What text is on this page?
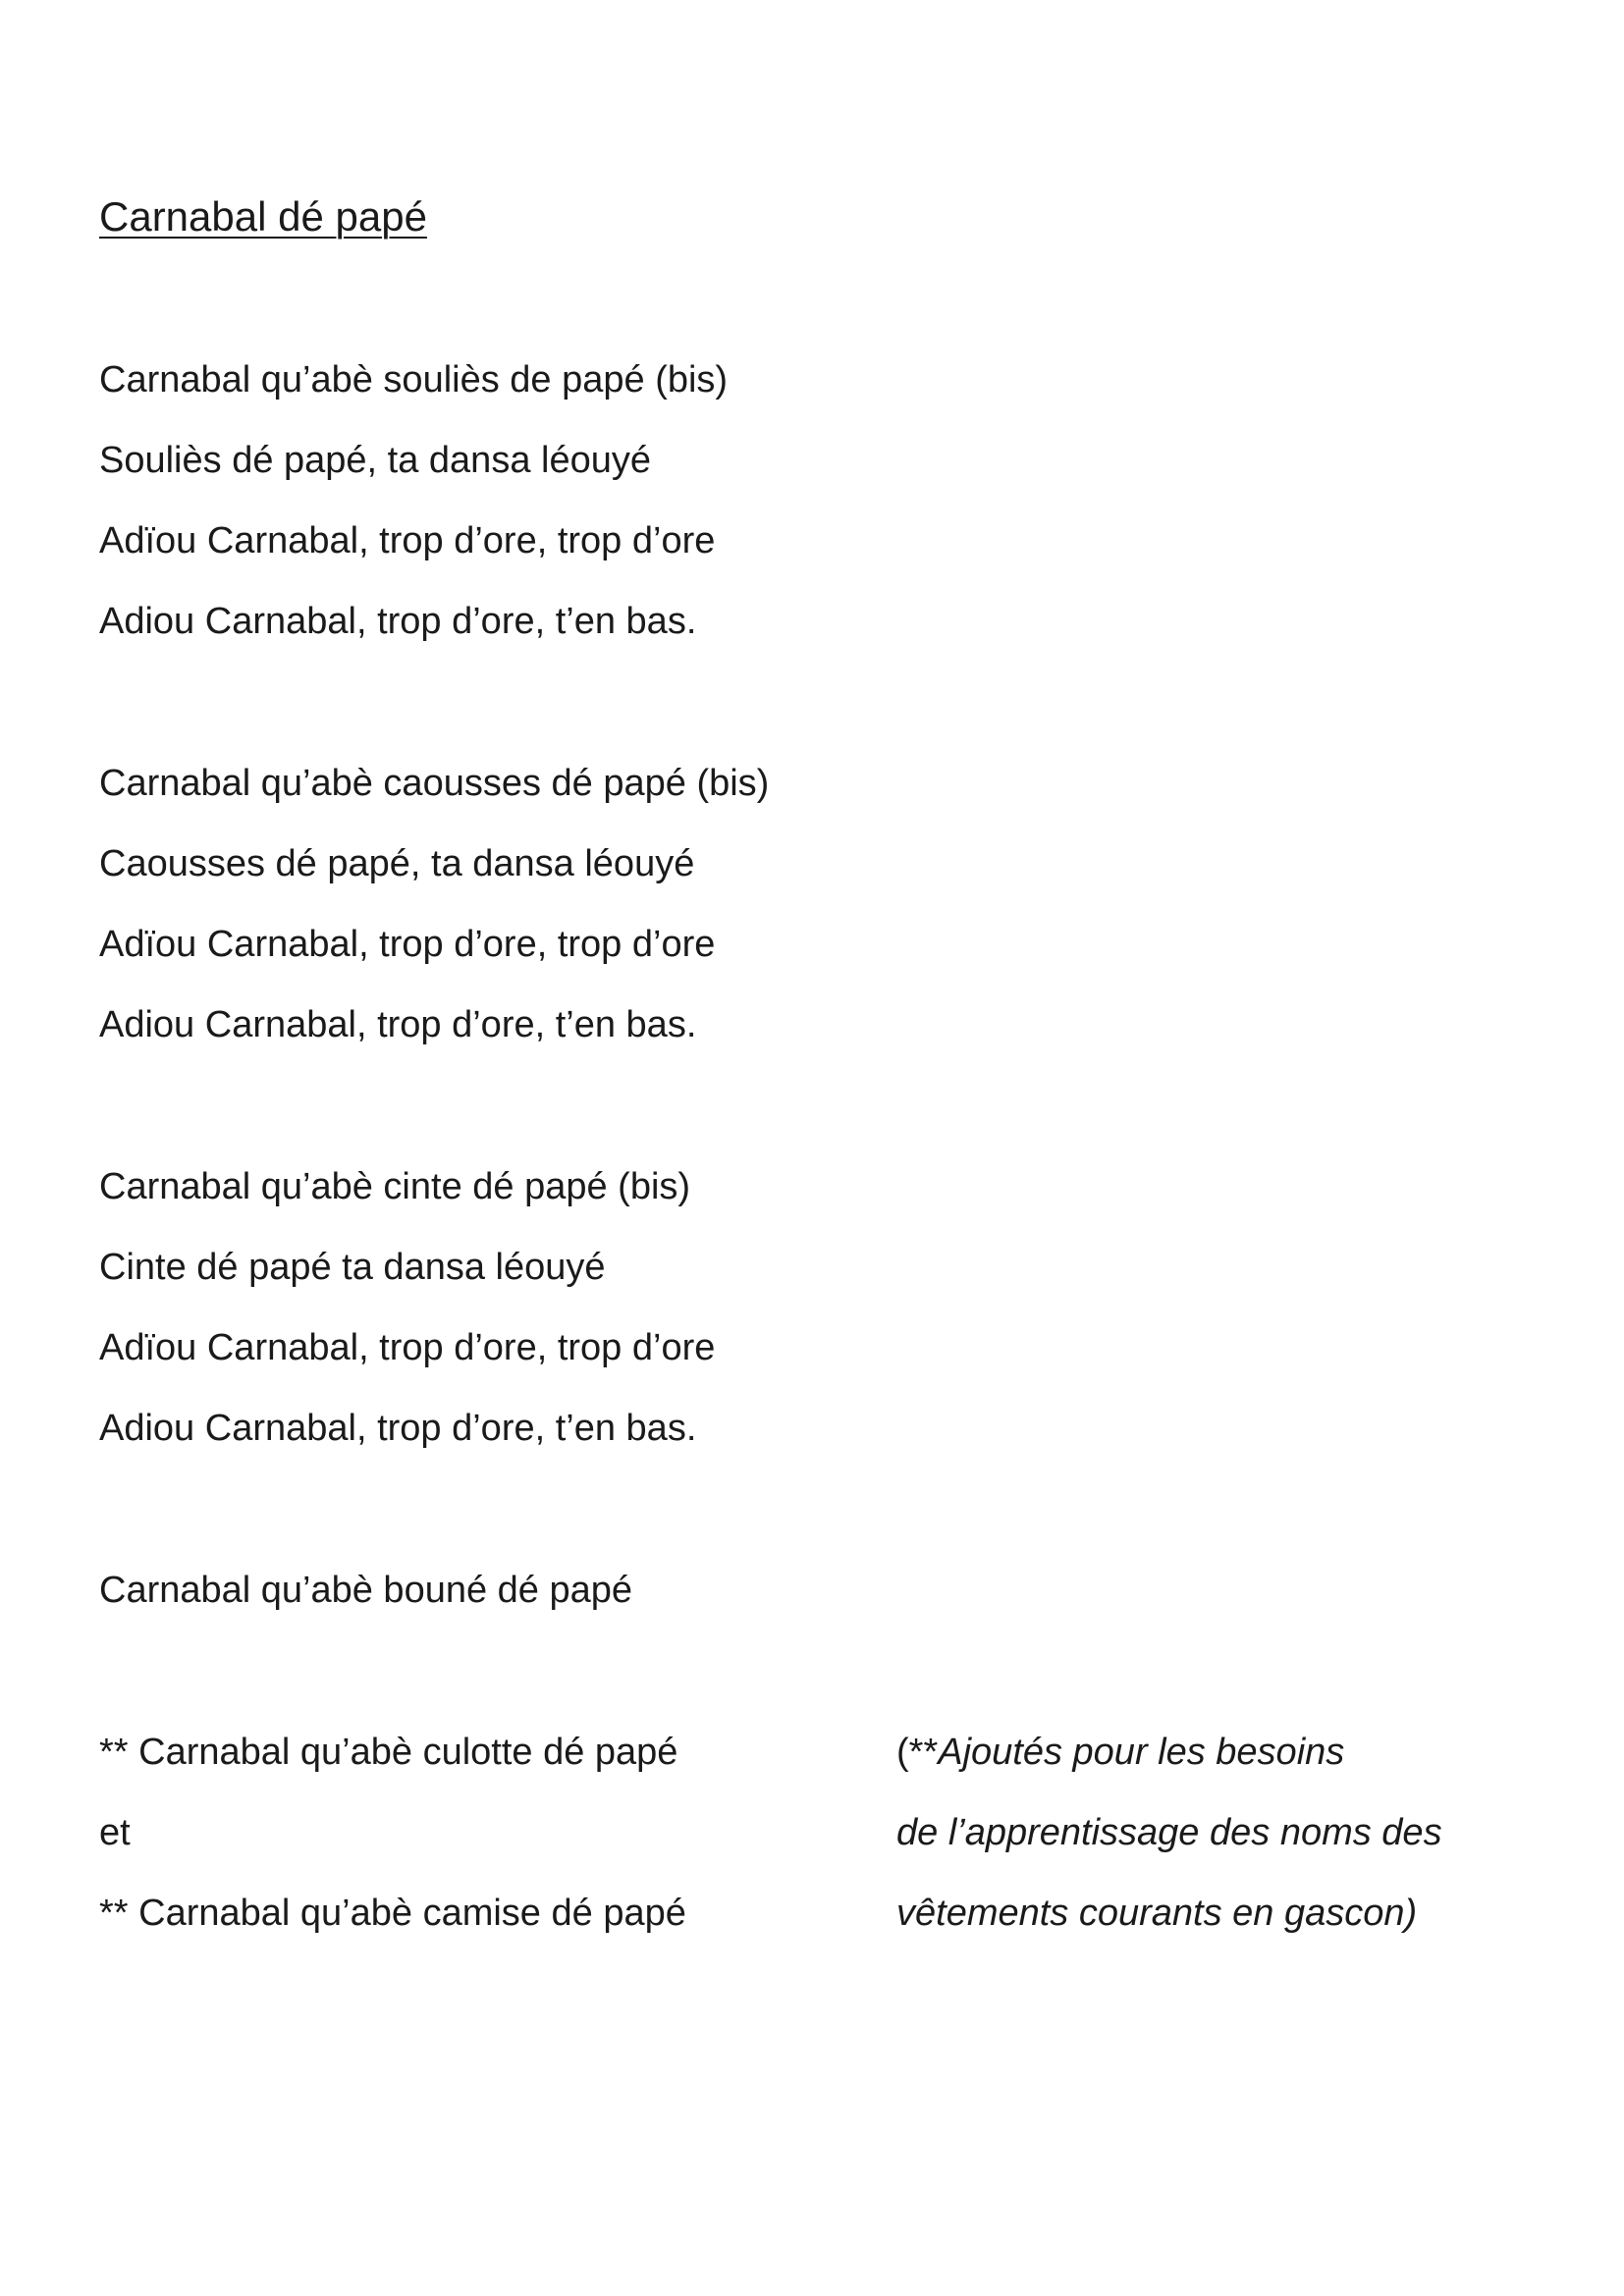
Carnabal dé papé

Carnabal qu’abè souliès de papé (bis)

Souliès dé papé, ta dansa léouyé

Adïou Carnabal, trop d’ore, trop d’ore

Adiou Carnabal, trop d’ore, t’en bas.

Carnabal qu’abè caousses dé papé (bis)

Caousses dé papé, ta dansa léouyé

Adïou Carnabal, trop d’ore, trop d’ore

Adiou Carnabal, trop d’ore, t’en bas.

Carnabal qu’abè cinte dé papé (bis)

Cinte dé papé ta dansa léouyé

Adïou Carnabal, trop d’ore, trop d’ore

Adiou Carnabal, trop d’ore, t’en bas.

Carnabal qu’abè bouné dé papé

** Carnabal qu’abè culotte dé papé

et

** Carnabal qu’abè camise dé papé

(**Ajoutés pour les besoins

de l’apprentissage des noms des

vêtements courants en gascon)
